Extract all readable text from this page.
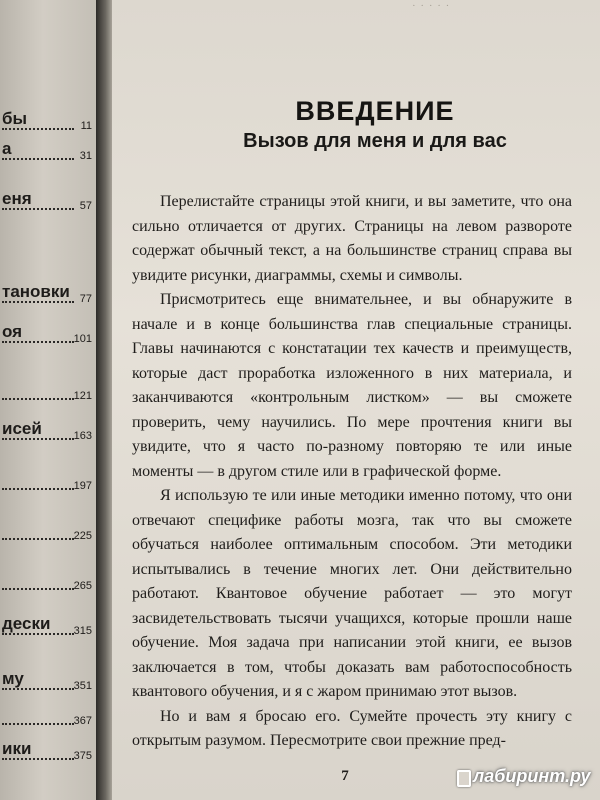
бы	11
а	31
еня	57
тановки 77
оя	101
121
исей	163
197
225
265
дески 315
му	351
367
ики	375
· · · · ·
ВВЕДЕНИЕ
Вызов для меня и для вас

Перелистайте страницы этой книги, и вы заметите, что она сильно отличается от других. Страницы на левом развороте содержат обычный текст, а на большинстве страниц справа вы увидите рисунки, диаграммы, схемы и символы.

Присмотритесь еще внимательнее, и вы обнаружите в начале и в конце большинства глав специальные страницы. Главы начинаются с констатации тех качеств и преимуществ, которые даст проработка изложенного в них материала, и заканчиваются «контрольным листком» — вы сможете проверить, чему научились. По мере прочтения книги вы увидите, что я часто по-разному повторяю те или иные моменты — в другом стиле или в графической форме.

Я использую те или иные методики именно потому, что они отвечают специфике работы мозга, так что вы сможете обучаться наиболее оптимальным способом. Эти методики испытывались в течение многих лет. Они действительно работают. Квантовое обучение работает — это могут засвидетельствовать тысячи учащихся, которые прошли наше обучение. Моя задача при написании этой книги, ее вызов заключается в том, чтобы доказать вам работоспособность квантового обучения, и я с жаром принимаю этот вызов.

Но и вам я бросаю его. Сумейте прочесть эту книгу с открытым разумом. Пересмотрите свои прежние пред-

7	лабиринт.ру
